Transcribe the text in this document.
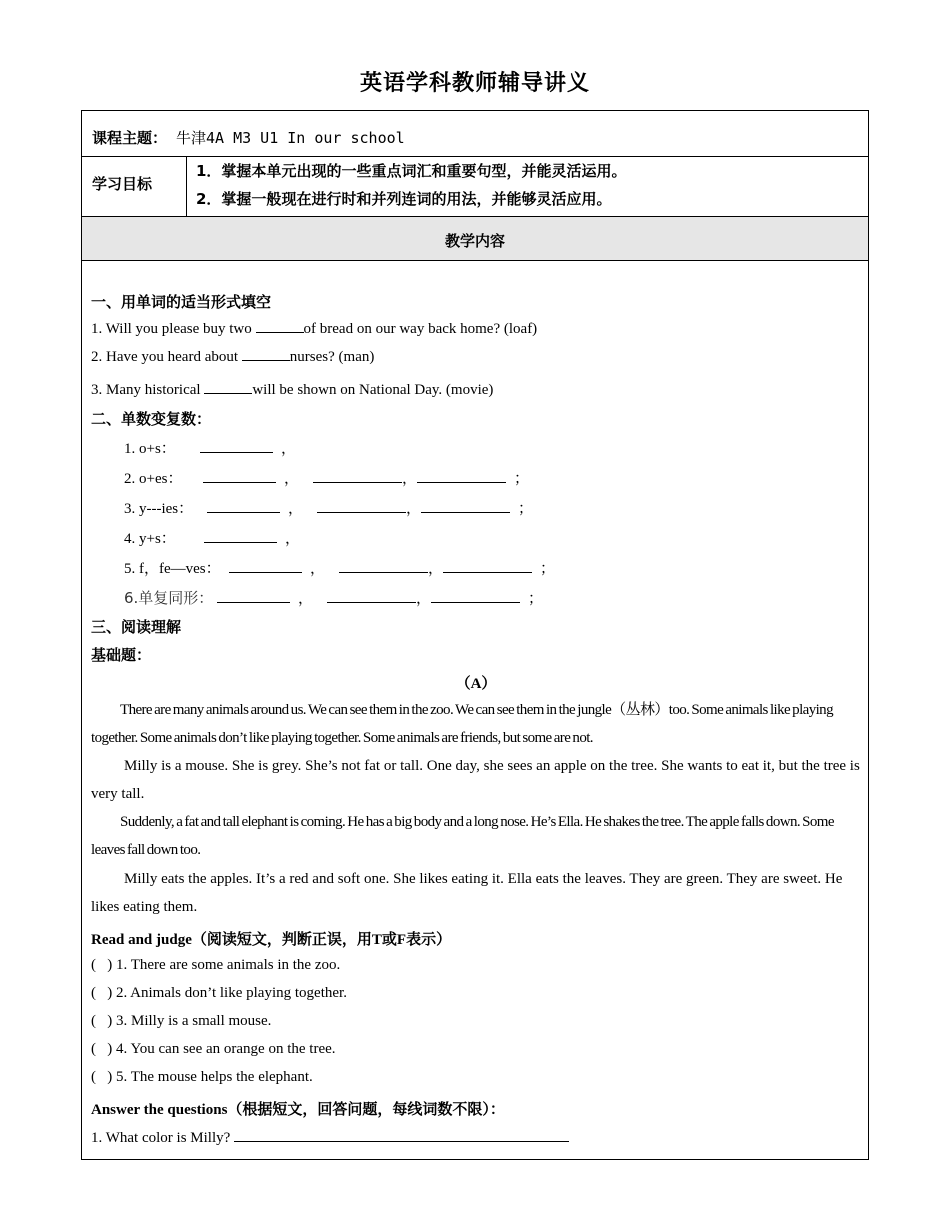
英语学科教师辅导讲义
课程主题： 牛津4A M3 U1 In our school
学习目标
1．掌握本单元出现的一些重点词汇和重要句型，并能灵活运用。
2．掌握一般现在进行时和并列连词的用法，并能够灵活应用。
教学内容
一、用单词的适当形式填空
1. Will you please buy two	of bread on our way back home? (loaf)
2. Have you heard about	nurses? (man)
3. Many historical	will be shown on National Day. (movie)
二、单数变复数：
1. o+s：	，
2. o+es：	，	，	；
3. y---ies：	，	，	；
4. y+s：	，
5. f，fe—ves：	，	，	；
6.单复同形：	，	，	；
三、阅读理解
基础题：
（A）
There are many animals around us. We can see them in the zoo. We can see them in the jungle（丛林）too. Some animals like playing together. Some animals don’t like playing together. Some animals are friends, but some are not.
Milly is a mouse. She is grey. She’s not fat or tall. One day, she sees an apple on the tree. She wants to eat it, but the tree is very tall.
Suddenly, a fat and tall elephant is coming. He has a big body and a long nose. He’s Ella. He shakes the tree. The apple falls down. Some leaves fall down too.
Milly eats the apples. It’s a red and soft one. She likes eating it. Ella eats the leaves. They are green. They are sweet. He likes eating them.
Read and judge（阅读短文，判断正误，用T或F表示）
(   ) 1. There are some animals in the zoo.
(   ) 2. Animals don’t like playing together.
(   ) 3. Milly is a small mouse.
(   ) 4. You can see an orange on the tree.
(   ) 5. The mouse helps the elephant.
Answer the questions（根据短文，回答问题，每线词数不限）：
1. What color is Milly?
